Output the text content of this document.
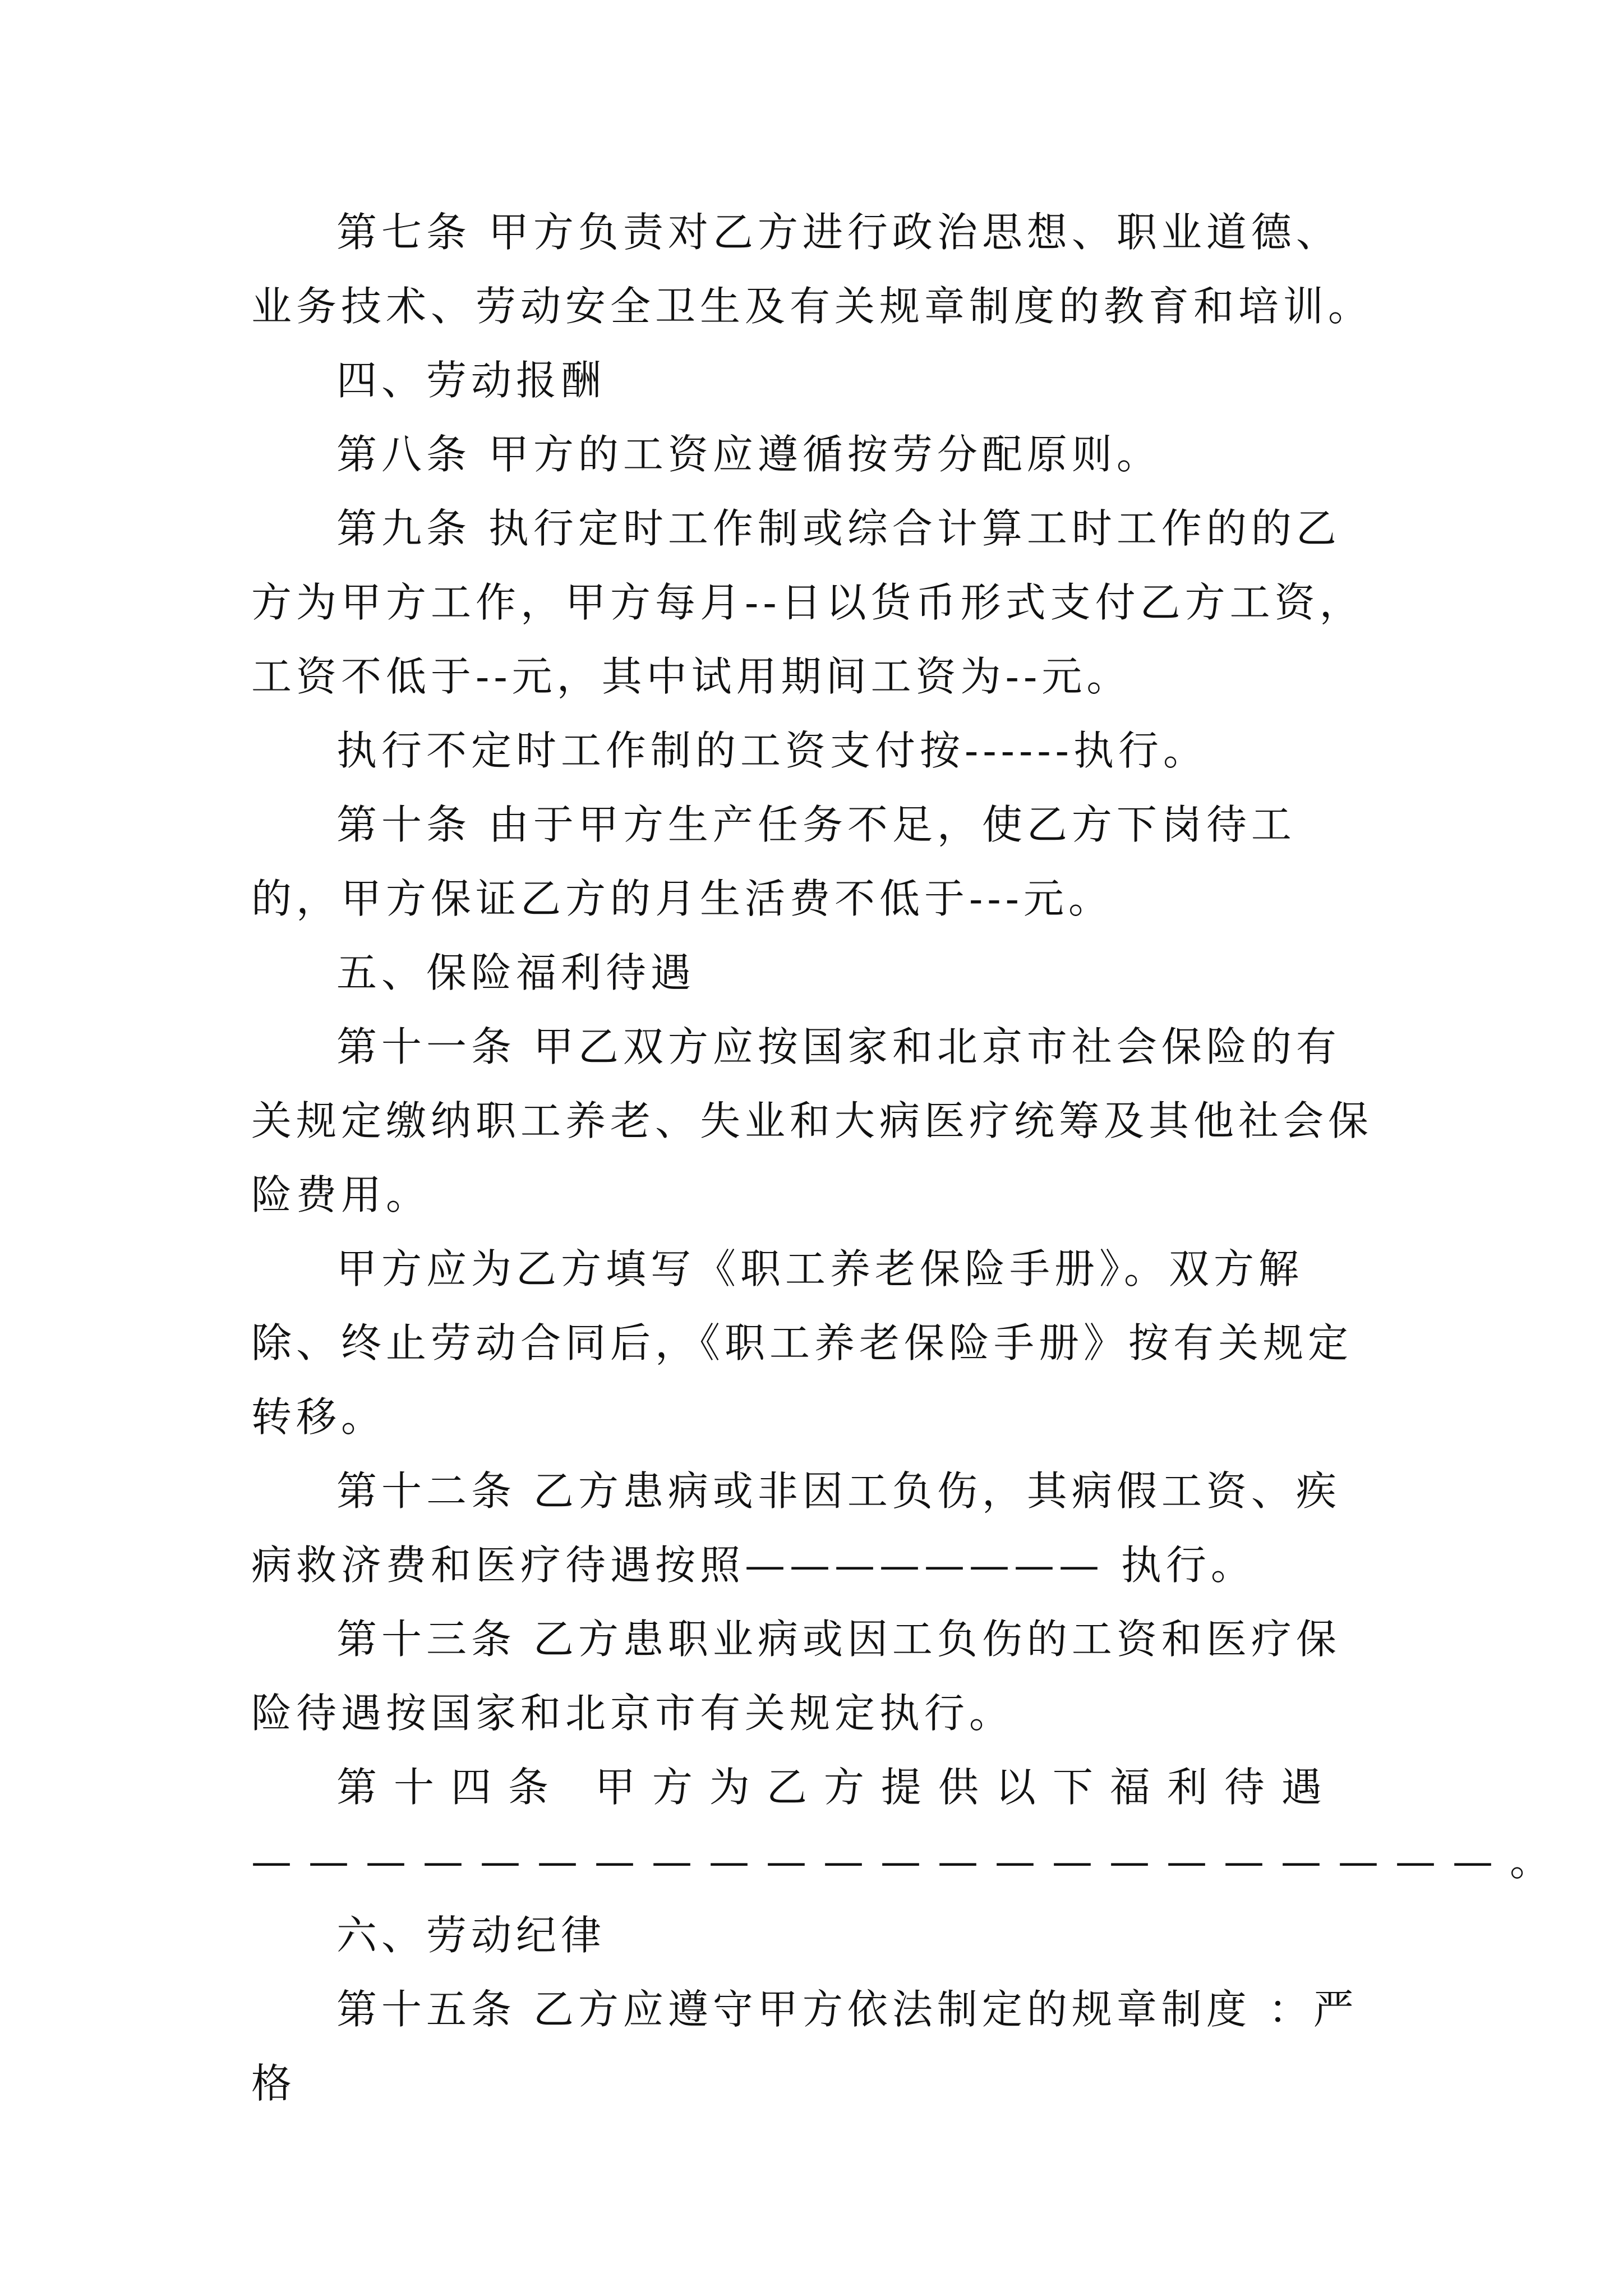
第七条 甲方负责对乙方进行政治思想、职业道德、业务技术、劳动安全卫生及有关规章制度的教育和培训。

四、劳动报酬

第八条 甲方的工资应遵循按劳分配原则。

第九条 执行定时工作制或综合计算工时工作的的乙方为甲方工作，甲方每月--日以货币形式支付乙方工资，工资不低于--元，其中试用期间工资为--元。

执行不定时工作制的工资支付按------执行。

第十条 由于甲方生产任务不足，使乙方下岗待工的，甲方保证乙方的月生活费不低于---元。

五、保险福利待遇

第十一条 甲乙双方应按国家和北京市社会保险的有关规定缴纳职工养老、失业和大病医疗统筹及其他社会保险费用。

甲方应为乙方填写《职工养老保险手册》。双方解除、终止劳动合同后，《职工养老保险手册》按有关规定转移。

第十二条 乙方患病或非因工负伤，其病假工资、疾病救济费和医疗待遇按照———————— 执行。

第十三条 乙方患职业病或因工负伤的工资和医疗保险待遇按国家和北京市有关规定执行。

第十四条 甲方为乙方提供以下福利待遇——————————————————————。

六、劳动纪律

第十五条 乙方应遵守甲方依法制定的规章制度 ：严格
